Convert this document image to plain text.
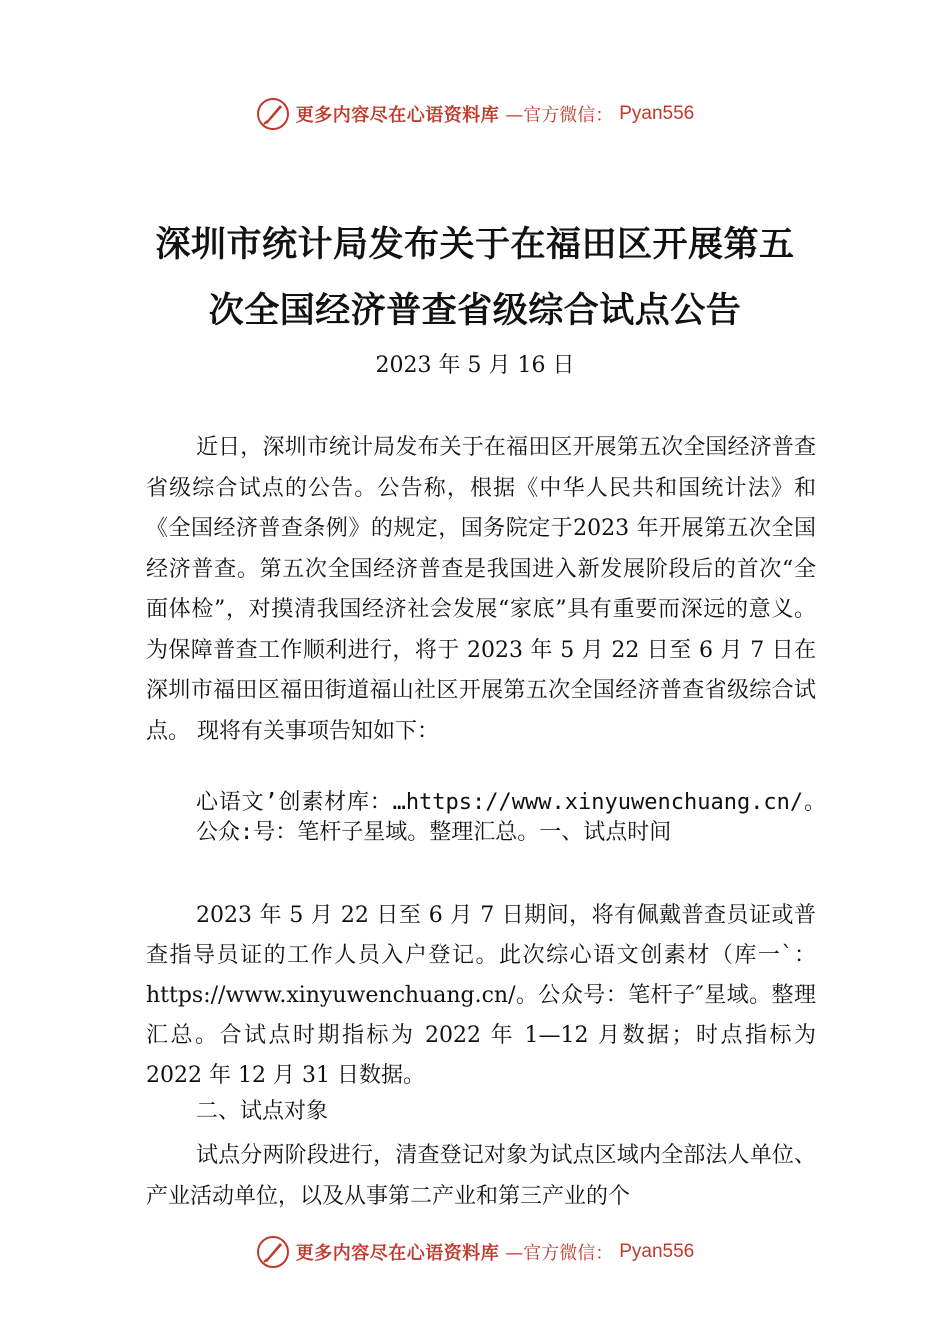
更多内容尽在心语资料库 —官方微信： Pyan556
深圳市统计局发布关于在福田区开展第五次全国经济普查省级综合试点公告
2023 年 5 月 16 日

近日，深圳市统计局发布关于在福田区开展第五次全国经济普查省级综合试点的公告。公告称，根据《中华人民共和国统计法》和《全国经济普查条例》的规定，国务院定于2023 年开展第五次全国经济普查。第五次全国经济普查是我国进入新发展阶段后的首次“全面体检”，对摸清我国经济社会发展“家底”具有重要而深远的意义。为保障普查工作顺利进行，将于 2023 年 5 月 22 日至 6 月 7 日在深圳市福田区福田街道福山社区开展第五次全国经济普查省级综合试点。 现将有关事项告知如下：

心语文’创素材库：…https://www.xinyuwenchuang.cn/。公众:号：笔杆子星域。整理汇总。一、试点时间

2023 年 5 月 22 日至 6 月 7 日期间，将有佩戴普查员证或普查指导员证的工作人员入户登记。此次综心语文创素材（库一`：https://www.xinyuwenchuang.cn/。公众号：笔杆子″星域。整理汇总。合试点时期指标为 2022 年 1—12 月数据；时点指标为 2022 年 12 月 31 日数据。

二、试点对象

试点分两阶段进行，清查登记对象为试点区域内全部法人单位、产业活动单位，以及从事第二产业和第三产业的个

更多内容尽在心语资料库 —官方微信： Pyan556
